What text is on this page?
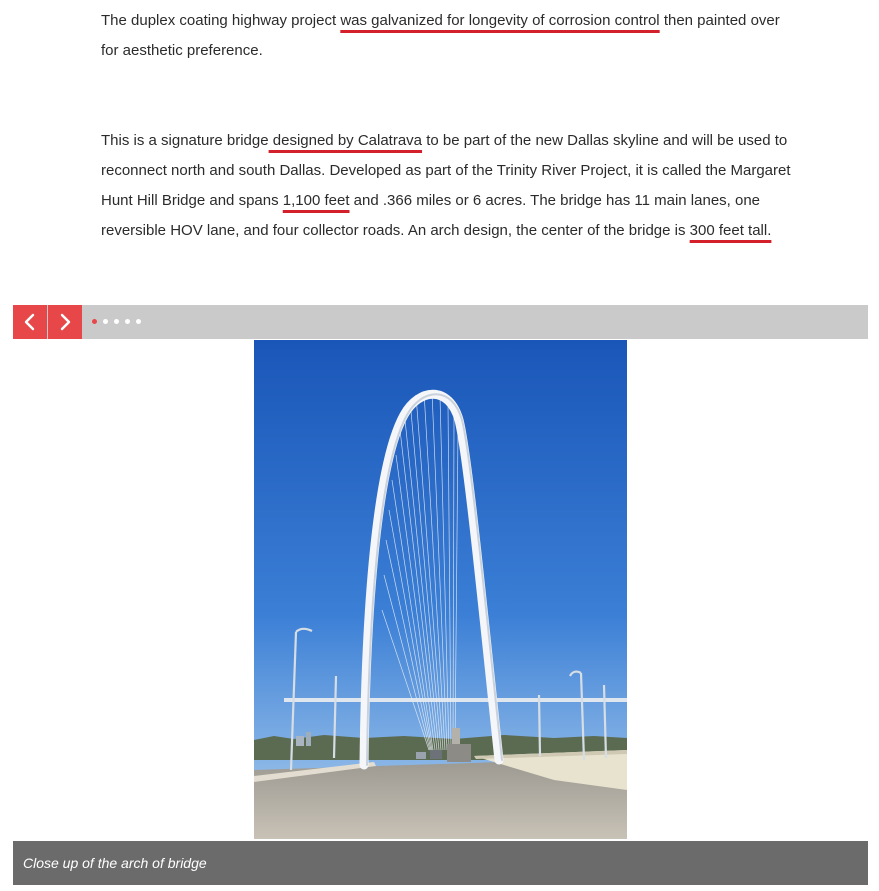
The duplex coating highway project was galvanized for longevity of corrosion control then painted over for aesthetic preference.

This is a signature bridge designed by Calatrava to be part of the new Dallas skyline and will be used to reconnect north and south Dallas. Developed as part of the Trinity River Project, it is called the Margaret Hunt Hill Bridge and spans 1,100 feet and .366 miles or 6 acres. The bridge has 11 main lanes, one reversible HOV lane, and four collector roads. An arch design, the center of the bridge is 300 feet tall.

Close up of the arch of bridge
